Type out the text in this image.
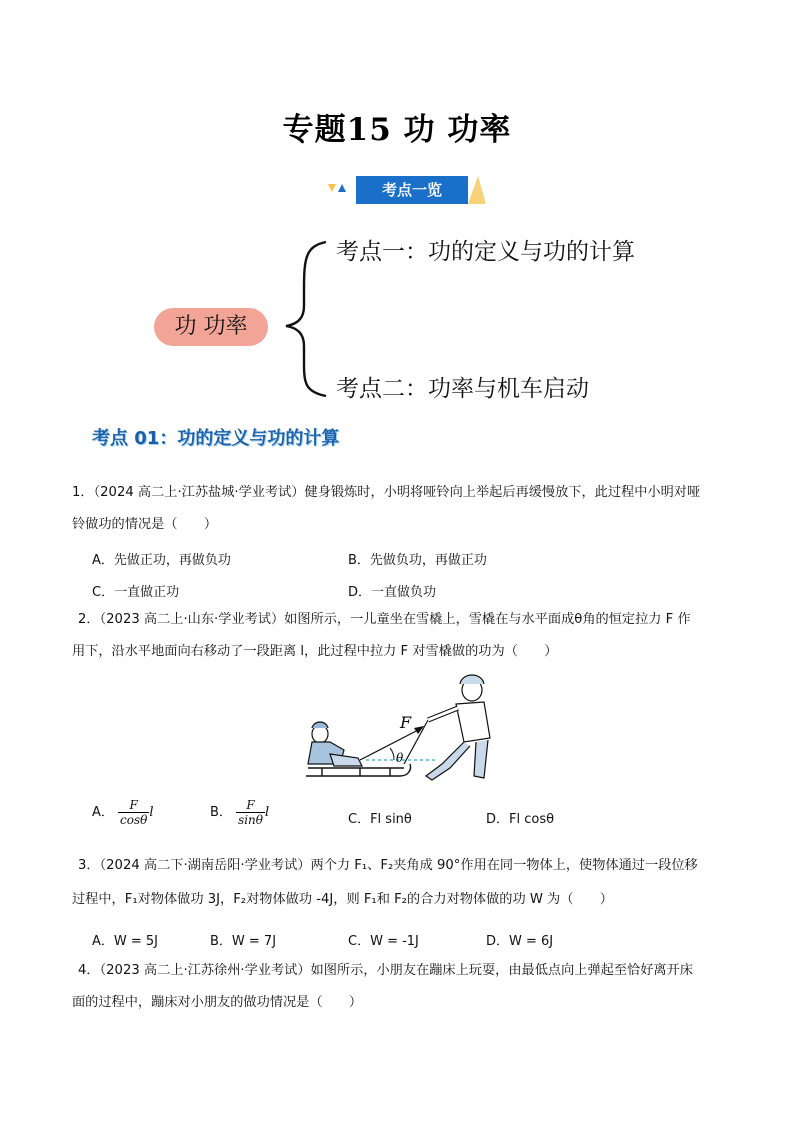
专题15 功 功率
考点一览
功 功率
考点一：功的定义与功的计算
考点二：功率与机车启动
考点 01：功的定义与功的计算
1．（2024 高二上·江苏盐城·学业考试）健身锻炼时，小明将哑铃向上举起后再缓慢放下，此过程中小明对哑
铃做功的情况是（　　）
A．先做正功，再做负功	B．先做负功，再做正功
C．一直做正功	D．一直做负功
2．（2023 高二上·山东·学业考试）如图所示，一儿童坐在雪橇上，雪橇在与水平面成θ角的恒定拉力 F 作
用下，沿水平地面向右移动了一段距离 l，此过程中拉力 F 对雪橇做的功为（　　）
F
θ
A． $\frac{F}{\cos\theta}$ l	B． $\frac{F}{\sin\theta}$ l	C．Fl sinθ	D．Fl cosθ
3．（2024 高二下·湖南岳阳·学业考试）两个力 F₁、F₂夹角成 90°作用在同一物体上，使物体通过一段位移
过程中，F₁对物体做功 3J，F₂对物体做功 -4J，则 F₁和 F₂的合力对物体做的功 W 为（　　）
A．W = 5J	B．W = 7J	C．W = -1J	D．W = 6J
4．（2023 高二上·江苏徐州·学业考试）如图所示，小朋友在蹦床上玩耍，由最低点向上弹起至恰好离开床
面的过程中，蹦床对小朋友的做功情况是（　　）
